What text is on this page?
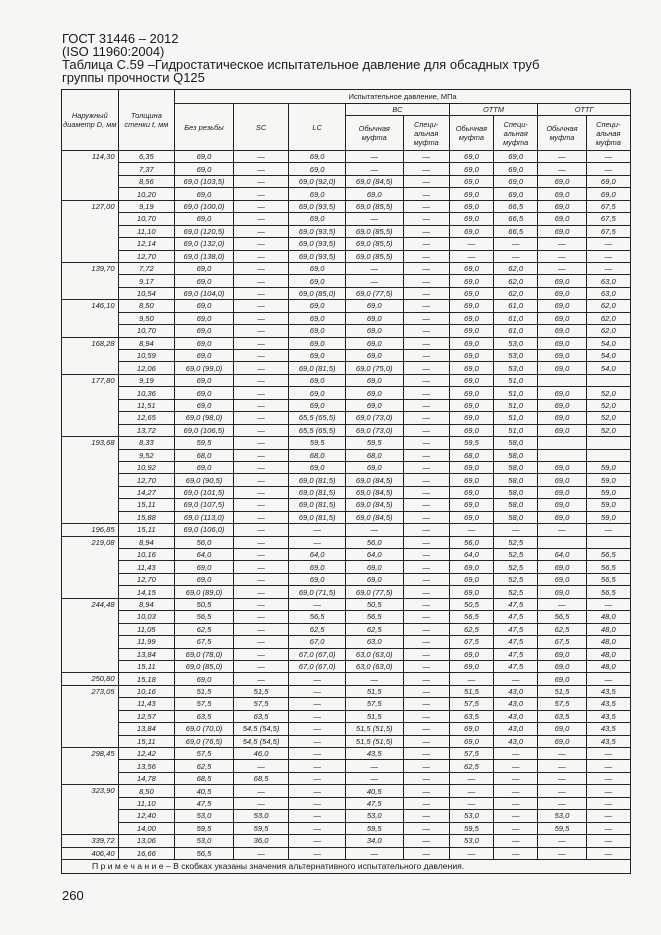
ГОСТ 31446 – 2012
(ISO 11960:2004)
Таблица С.59 –Гидростатическое испытательное давление для обсадных труб
группы прочности Q125
Наружный диаметр D, мм	Толщина стенки t, мм	Испытательное давление, МПа								
		Без резьбы	SC	LC	ВС		ОТТМ		ОТТГ	
					Обычная муфта	Специ-альная муфта	Обычная муфта	Специ-альная муфта	Обычная муфта	Специ-альная муфта
114,30	6,35	69,0	—	69,0	—	—	69,0	69,0	—	—
	7,37	69,0	—	69,0	—	—	69,0	69,0	—	—
	8,56	69,0 (103,5)	—	69,0 (92,0)	69,0 (84,5)	—	69,0	69,0	69,0	69,0
	10,20	69,0	—	69,0	69,0	—	69,0	69,0	69,0	69,0
127,00	9,19	69,0 (100,0)	—	69,0 (93,5)	69,0 (85,5)	—	69,0	66,5	69,0	67,5
	10,70	69,0	—	69,0	—	—	69,0	66,5	69,0	67,5
	11,10	69,0 (120,5)	—	69,0 (93,5)	69,0 (85,5)	—	69,0	66,5	69,0	67,5
	12,14	69,0 (132,0)	—	69,0 (93,5)	69,0 (85,5)	—	—	—	—	—
	12,70	69,0 (138,0)	—	69,0 (93,5)	69,0 (85,5)	—	—	—	—	—
139,70	7,72	69,0	—	69,0	—	—	69,0	62,0	—	—
	9,17	69,0	—	69,0	—	—	69,0	62,0	69,0	63,0
	10,54	69,0 (104,0)	—	69,0 (85,0)	69,0 (77,5)	—	69,0	62,0	69,0	63,0
146,10	8,50	69,0	—	69,0	69,0	—	69,0	61,0	69,0	62,0
	9,50	69,0	—	69,0	69,0	—	69,0	61,0	69,0	62,0
	10,70	69,0	—	69,0	69,0	—	69,0	61,0	69,0	62,0
168,28	8,94	69,0	—	69,0	69,0	—	69,0	53,0	69,0	54,0
	10,59	69,0	—	69,0	69,0	—	69,0	53,0	69,0	54,0
	12,06	69,0 (99,0)	—	69,0 (81,5)	69,0 (75,0)	—	69,0	53,0	69,0	54,0
177,80	9,19	69,0	—	69,0	69,0	—	69,0	51,0		
	10,36	69,0	—	69,0	69,0	—	69,0	51,0	69,0	52,0
	11,51	69,0	—	69,0	69,0	—	69,0	51,0	69,0	52,0
	12,65	69,0 (98,0)	—	65,5 (65,5)	69,0 (73,0)	—	69,0	51,0	69,0	52,0
	13,72	69,0 (106,5)	—	65,5 (65,5)	69,0 (73,0)	—	69,0	51,0	69,0	52,0
193,68	8,33	59,5	—	59,5	59,5	—	59,5	58,0		
	9,52	68,0	—	68,0	68,0	—	68,0	58,0		
	10,92	69,0	—	69,0	69,0	—	69,0	58,0	69,0	59,0
	12,70	69,0 (90,5)	—	69,0 (81,5)	69,0 (84,5)	—	69,0	58,0	69,0	59,0
	14,27	69,0 (101,5)	—	69,0 (81,5)	69,0 (84,5)	—	69,0	58,0	69,0	59,0
	15,11	69,0 (107,5)	—	69,0 (81,5)	69,0 (84,5)	—	69,0	58,0	69,0	59,0
	15,88	69,0 (113,0)	—	69,0 (81,5)	69,0 (84,5)	—	69,0	58,0	69,0	59,0
196,85	15,11	69,0 (106,0)	—	—	—	—	—	—	—	—
219,08	8,94	56,0	—	—	56,0	—	56,0	52,5		
	10,16	64,0	—	64,0	64,0	—	64,0	52,5	64,0	56,5
	11,43	69,0	—	69,0	69,0	—	69,0	52,5	69,0	56,5
	12,70	69,0	—	69,0	69,0	—	69,0	52,5	69,0	56,5
	14,15	69,0 (89,0)	—	69,0 (71,5)	69,0 (77,5)	—	69,0	52,5	69,0	56,5
244,48	8,94	50,5	—	—	50,5	—	50,5	47,5	—	—
	10,03	56,5	—	56,5	56,5	—	56,5	47,5	56,5	48,0
	11,05	62,5	—	62,5	62,5	—	62,5	47,5	62,5	48,0
	11,99	67,5	—	67,0	63,0	—	67,5	47,5	67,5	48,0
	13,84	69,0 (78,0)	—	67,0 (67,0)	63,0 (63,0)	—	69,0	47,5	69,0	48,0
	15,11	69,0 (85,0)	—	67,0 (67,0)	63,0 (63,0)	—	69,0	47,5	69,0	48,0
250,80	15,18	69,0	—	—	—	—	—	—	69,0	—
273,05	10,16	51,5	51,5	—	51,5	—	51,5	43,0	51,5	43,5
	11,43	57,5	57,5	—	57,5	—	57,5	43,0	57,5	43,5
	12,57	63,5	63,5	—	51,5	—	63,5	43,0	63,5	43,5
	13,84	69,0 (70,0)	54,5 (54,5)	—	51,5 (51,5)	—	69,0	43,0	69,0	43,5
	15,11	69,0 (76,5)	54,5 (54,5)	—	51,5 (51,5)	—	69,0	43,0	69,0	43,5
298,45	12,42	57,5	46,0	—	43,5	—	57,5	—	—	—
	13,56	62,5	—	—	—	—	62,5	—	—	—
	14,78	68,5	68,5	—	—	—	—	—	—	—
323,90	8,50	40,5	—	—	40,5	—	—	—	—	—
	11,10	47,5	—	—	47,5	—	—	—	—	—
	12,40	53,0	53,0	—	53,0	—	53,0	—	53,0	—
	14,00	59,5	59,5	—	59,5	—	59,5	—	59,5	—
339,72	13,06	53,0	36,0	—	34,0	—	53,0	—	—	—
406,40	16,66	56,5	—	—	—	—	—	—	—	—
П р и м е ч а н и е – В скобках указаны значения альтернативного испытательного давления.										
260
